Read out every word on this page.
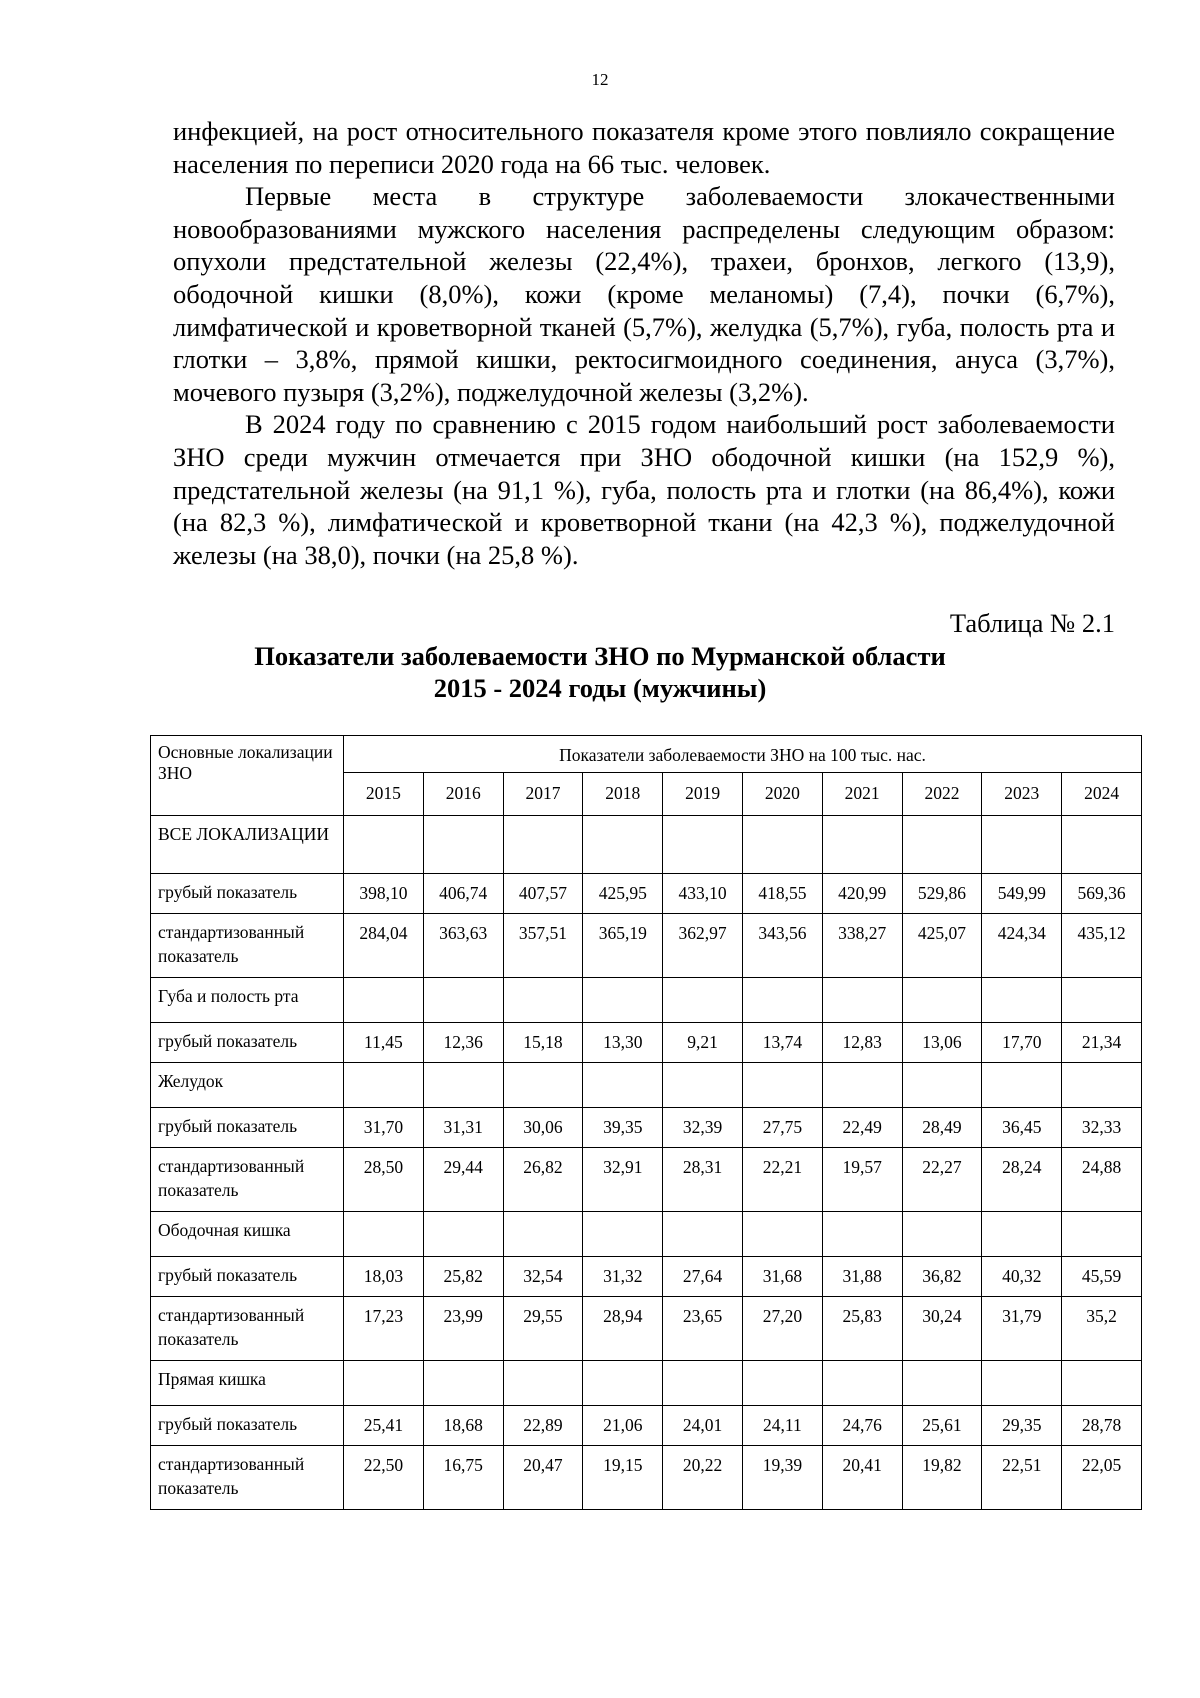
12

инфекцией, на рост относительного показателя кроме этого повлияло сокращение населения по переписи 2020 года на 66 тыс. человек.

Первые места в структуре заболеваемости злокачественными новообразованиями мужского населения распределены следующим образом: опухоли предстательной железы (22,4%), трахеи, бронхов, легкого (13,9), ободочной кишки (8,0%), кожи (кроме меланомы) (7,4), почки (6,7%), лимфатической и кроветворной тканей (5,7%), желудка (5,7%), губа, полость рта и глотки – 3,8%, прямой кишки, ректосигмоидного соединения, ануса (3,7%), мочевого пузыря (3,2%), поджелудочной железы (3,2%).

В 2024 году по сравнению с 2015 годом наибольший рост заболеваемости ЗНО среди мужчин отмечается при ЗНО ободочной кишки (на 152,9 %), предстательной железы (на 91,1 %), губа, полость рта и глотки (на 86,4%), кожи (на 82,3 %), лимфатической и кроветворной ткани (на 42,3 %), поджелудочной железы (на 38,0), почки (на 25,8 %).

Таблица № 2.1
Показатели заболеваемости ЗНО по Мурманской области
2015 - 2024 годы (мужчины)
Основные локализации ЗНО	Показатели заболеваемости ЗНО на 100 тыс. нас.									
	2015	2016	2017	2018	2019	2020	2021	2022	2023	2024
ВСЕ ЛОКАЛИЗАЦИИ										
грубый показатель	398,10	406,74	407,57	425,95	433,10	418,55	420,99	529,86	549,99	569,36
стандартизованный показатель	284,04	363,63	357,51	365,19	362,97	343,56	338,27	425,07	424,34	435,12
Губа и полость рта										
грубый показатель	11,45	12,36	15,18	13,30	9,21	13,74	12,83	13,06	17,70	21,34
Желудок										
грубый показатель	31,70	31,31	30,06	39,35	32,39	27,75	22,49	28,49	36,45	32,33
стандартизованный показатель	28,50	29,44	26,82	32,91	28,31	22,21	19,57	22,27	28,24	24,88
Ободочная кишка										
грубый показатель	18,03	25,82	32,54	31,32	27,64	31,68	31,88	36,82	40,32	45,59
стандартизованный показатель	17,23	23,99	29,55	28,94	23,65	27,20	25,83	30,24	31,79	35,2
Прямая кишка										
грубый показатель	25,41	18,68	22,89	21,06	24,01	24,11	24,76	25,61	29,35	28,78
стандартизованный показатель	22,50	16,75	20,47	19,15	20,22	19,39	20,41	19,82	22,51	22,05
